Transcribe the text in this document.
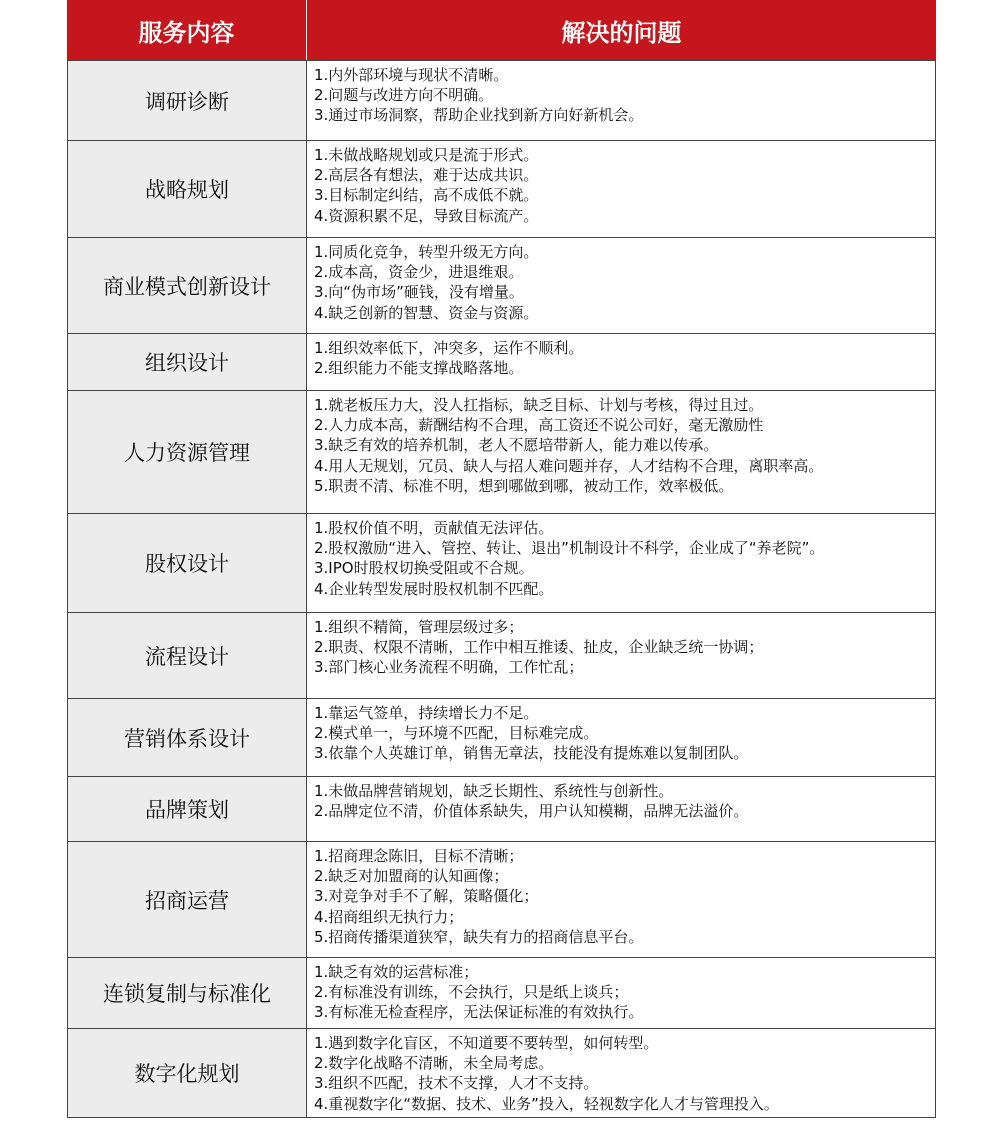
服务内容	解决的问题
调研诊断
1.内外部环境与现状不清晰。
2.问题与改进方向不明确。
3.通过市场洞察，帮助企业找到新方向好新机会。
战略规划
1.未做战略规划或只是流于形式。
2.高层各有想法，难于达成共识。
3.目标制定纠结，高不成低不就。
4.资源积累不足，导致目标流产。
商业模式创新设计
1.同质化竞争，转型升级无方向。
2.成本高，资金少，进退维艰。
3.向“伪市场”砸钱，没有增量。
4.缺乏创新的智慧、资金与资源。
组织设计
1.组织效率低下，冲突多，运作不顺利。
2.组织能力不能支撑战略落地。
人力资源管理
1.就老板压力大，没人扛指标，缺乏目标、计划与考核，得过且过。
2.人力成本高，薪酬结构不合理，高工资还不说公司好，毫无激励性
3.缺乏有效的培养机制，老人不愿培带新人，能力难以传承。
4.用人无规划，冗员、缺人与招人难问题并存，人才结构不合理，离职率高。
5.职责不清、标准不明，想到哪做到哪，被动工作，效率极低。
股权设计
1.股权价值不明，贡献值无法评估。
2.股权激励“进入、管控、转让、退出”机制设计不科学，企业成了“养老院”。
3.IPO时股权切换受阻或不合规。
4.企业转型发展时股权机制不匹配。
流程设计
1.组织不精简，管理层级过多；
2.职责、权限不清晰，工作中相互推诿、扯皮，企业缺乏统一协调；
3.部门核心业务流程不明确，工作忙乱；
营销体系设计
1.靠运气签单，持续增长力不足。
2.模式单一，与环境不匹配，目标难完成。
3.依靠个人英雄订单，销售无章法，技能没有提炼难以复制团队。
品牌策划
1.未做品牌营销规划，缺乏长期性、系统性与创新性。
2.品牌定位不清，价值体系缺失，用户认知模糊，品牌无法溢价。
招商运营
1.招商理念陈旧，目标不清晰；
2.缺乏对加盟商的认知画像；
3.对竞争对手不了解，策略僵化；
4.招商组织无执行力；
5.招商传播渠道狭窄，缺失有力的招商信息平台。
连锁复制与标准化
1.缺乏有效的运营标准；
2.有标准没有训练，不会执行，只是纸上谈兵；
3.有标准无检查程序，无法保证标准的有效执行。
数字化规划
1.遇到数字化盲区，不知道要不要转型，如何转型。
2.数字化战略不清晰，未全局考虑。
3.组织不匹配，技术不支撑，人才不支持。
4.重视数字化“数据、技术、业务”投入，轻视数字化人才与管理投入。
